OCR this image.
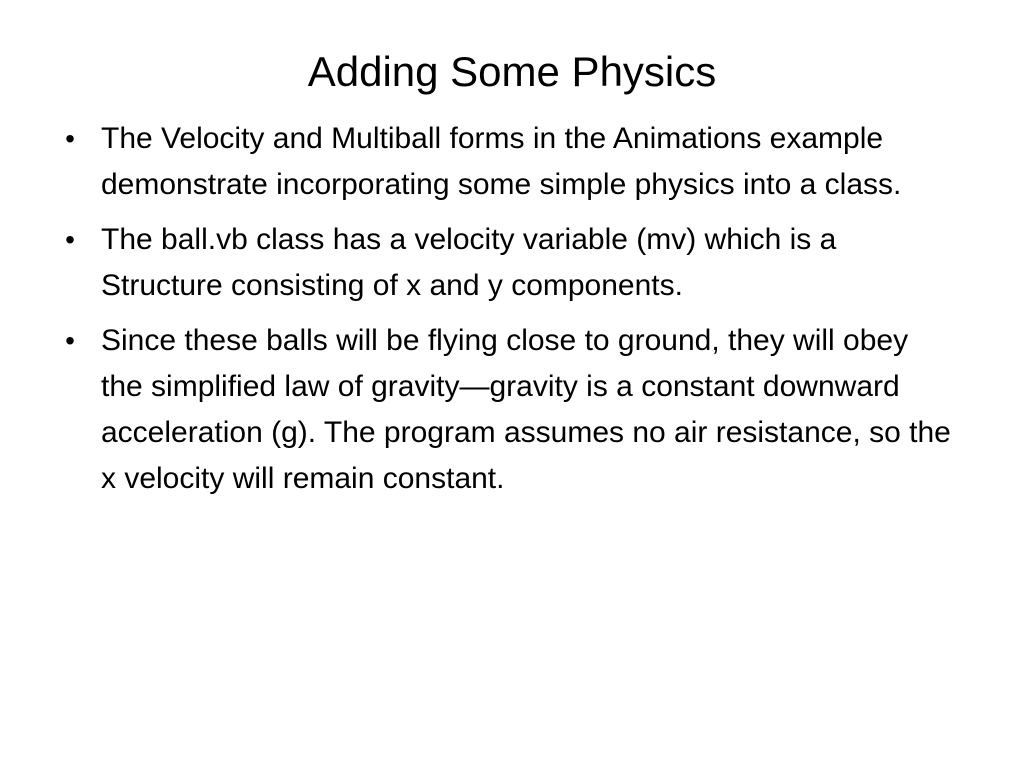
Adding Some Physics
• The Velocity and Multiball forms in the Animations example demonstrate incorporating some simple physics into a class.
• The ball.vb class has a velocity variable (mv) which is a Structure consisting of x and y components.
• Since these balls will be flying close to ground, they will obey the simplified law of gravity—gravity is a constant downward acceleration (g). The program assumes no air resistance, so the x velocity will remain constant.
